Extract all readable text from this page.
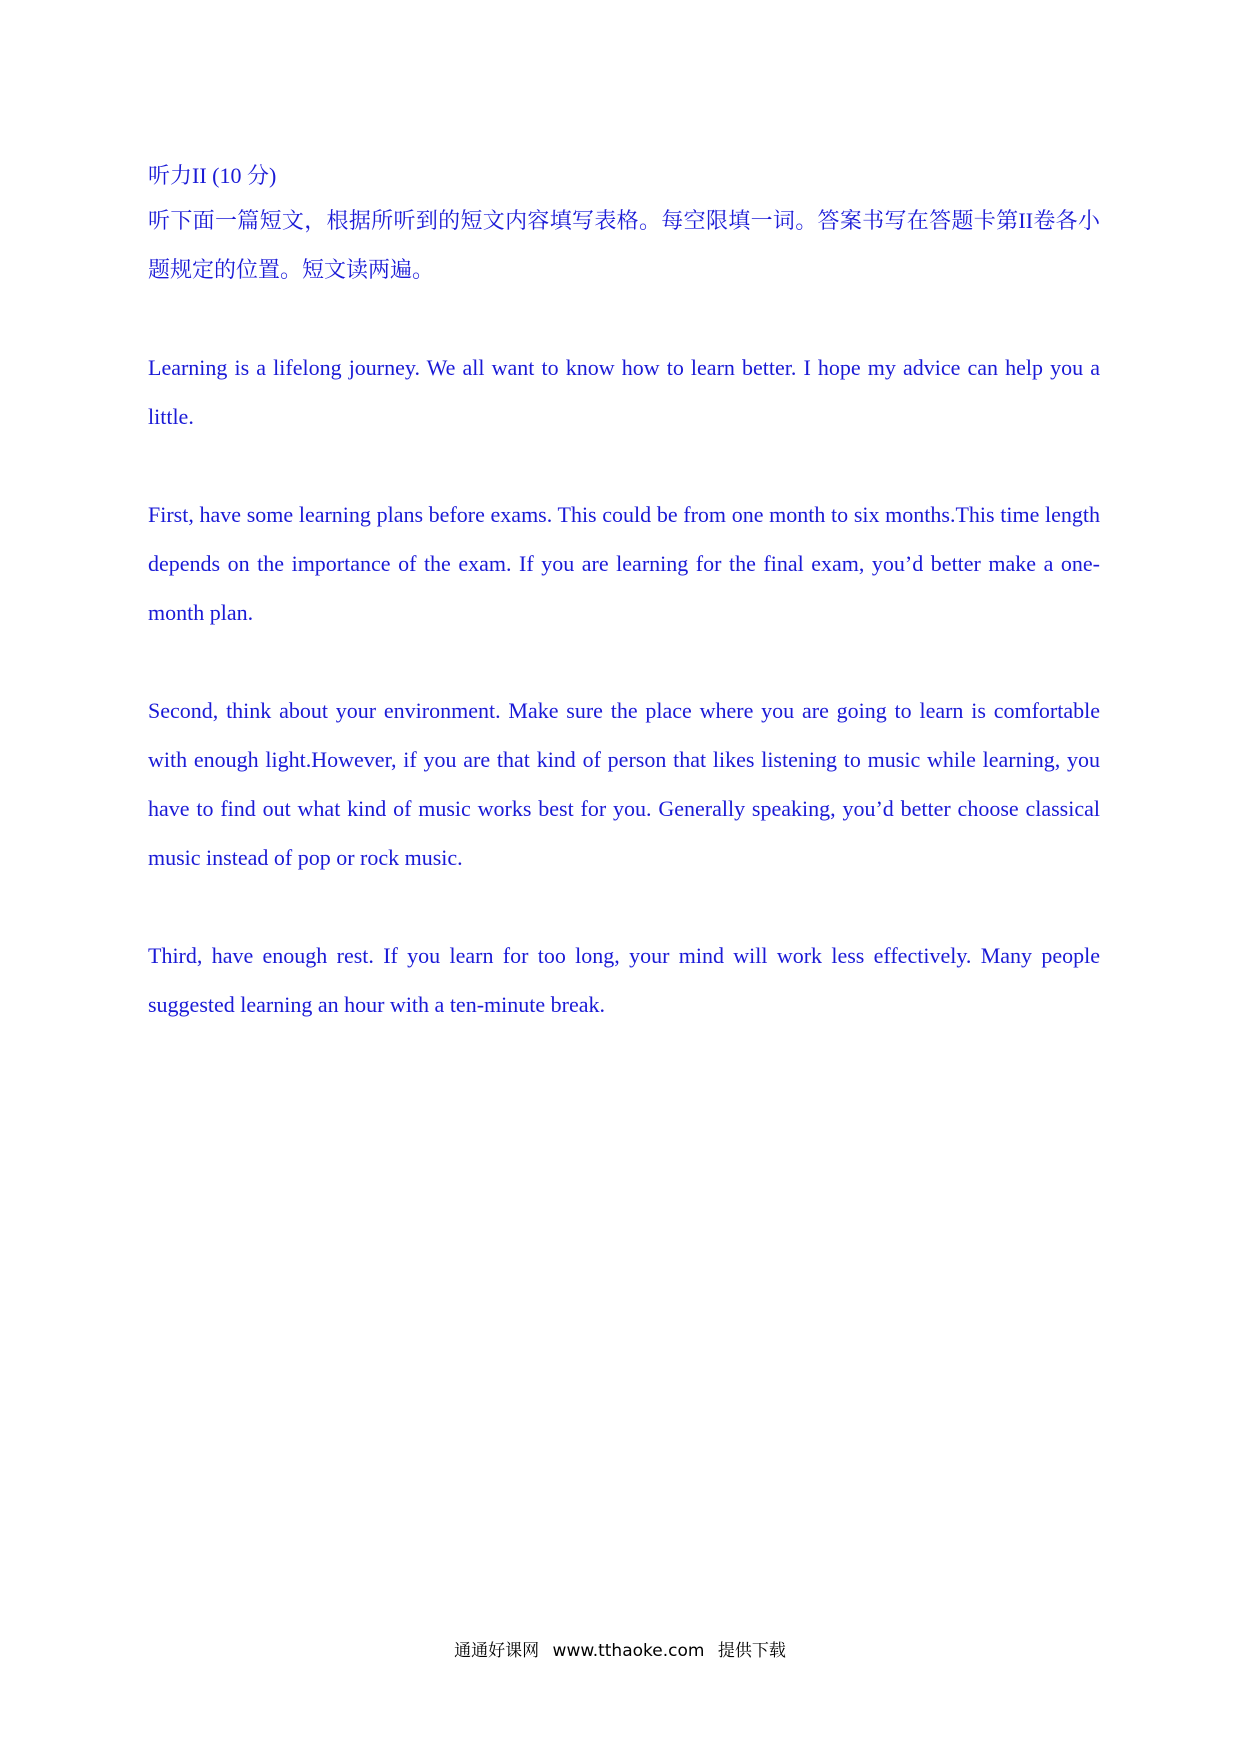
听力II (10 分)

听下面一篇短文，根据所听到的短文内容填写表格。每空限填一词。答案书写在答题卡第II卷各小题规定的位置。短文读两遍。

Learning is a lifelong journey. We all want to know how to learn better. I hope my advice can help you a little.

First, have some learning plans before exams. This could be from one month to six months.This time length depends on the importance of the exam. If you are learning for the final exam, you’d better make a one-month plan.

Second, think about your environment. Make sure the place where you are going to learn is comfortable with enough light.However, if you are that kind of person that likes listening to music while learning, you have to find out what kind of music works best for you. Generally speaking, you’d better choose classical music instead of pop or rock music.

Third, have enough rest. If you learn for too long, your mind will work less effectively. Many people suggested learning an hour with a ten-minute break.

通通好课网 www.tthaoke.com 提供下载
